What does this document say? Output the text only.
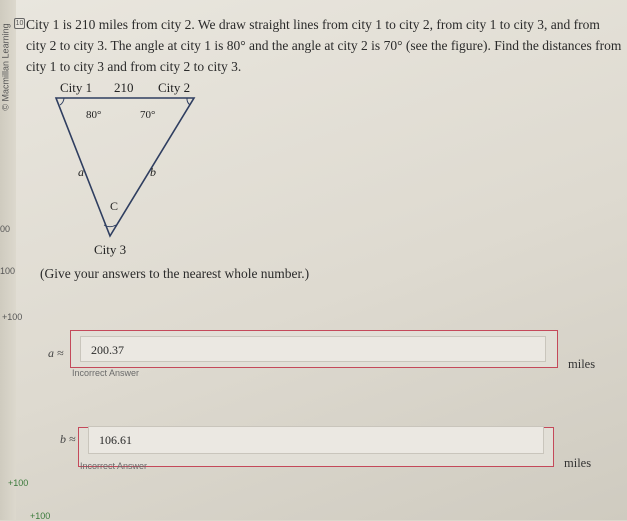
© Macmillan Learning 10 City 1 is 210 miles from city 2. We draw straight lines from city 1 to city 2, from city 1 to city 3, and from city 2 to city 3. The angle at city 1 is 80° and the angle at city 2 is 70° (see the figure). Find the distances from city 1 to city 3 and from city 2 to city 3.
City 1 210 City 2
80°	70°
a	b
C
City 3
00
100
+100
(Give your answers to the nearest whole number.)
a ≈	200.37
Incorrect Answer
miles
b ≈	106.61
Incorrect Answer	miles
+100
+100
